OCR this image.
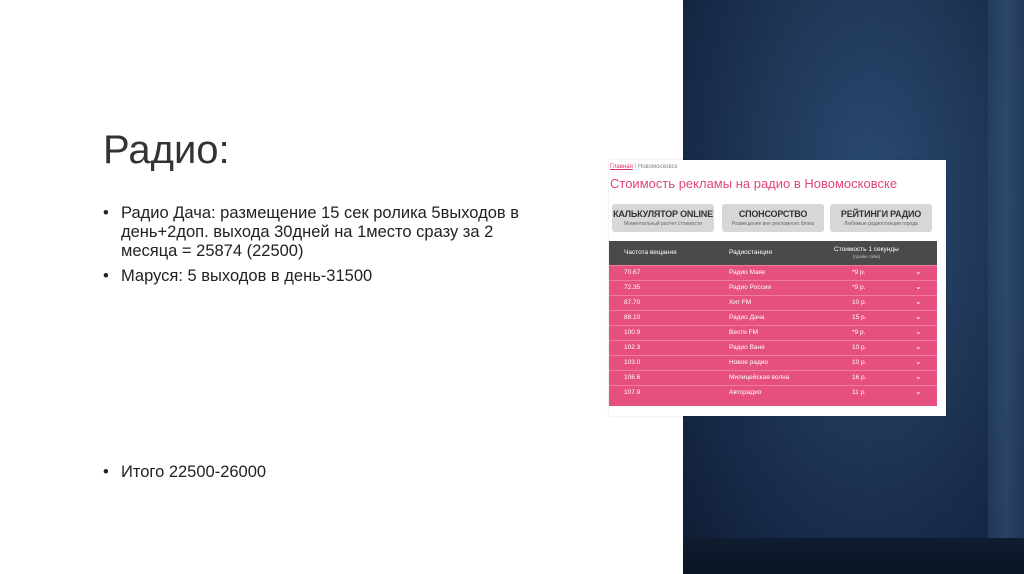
Радио:
• Радио Дача: размещение 15 сек ролика 5выходов в день+2доп. выхода 30дней на 1место сразу за 2 месяца = 25874 (22500)
• Маруся: 5 выходов в день-31500
• Итого 22500-26000
Главная \ Новомосковск
Стоимость рекламы на радио в Новомосковске
КАЛЬКУЛЯТОР ONLINE
Моментальный расчет стоимости
СПОНСОРСТВО
Размещение вне рекламного блока
РЕЙТИНГИ РАДИО
Любимые радиостанции города
Частота вещания	Радиостанция	Стоимость 1 секунды
(прайм-тайм)
70.67	Радио Маяк	*9 р.	⌄
72.35	Радио России	*9 р.	⌄
87.70	Хит FM	10 р.	⌄
88.10	Радио Дача	15 р.	⌄
100.9	Вести FM	*9 р.	⌄
102.3	Радио Ваня	10 р.	⌄
103.0	Новое радио	10 р.	⌄
106.6	Милицейская волна	16 р.	⌄
107.9	Авторадио	11 р.	⌄
